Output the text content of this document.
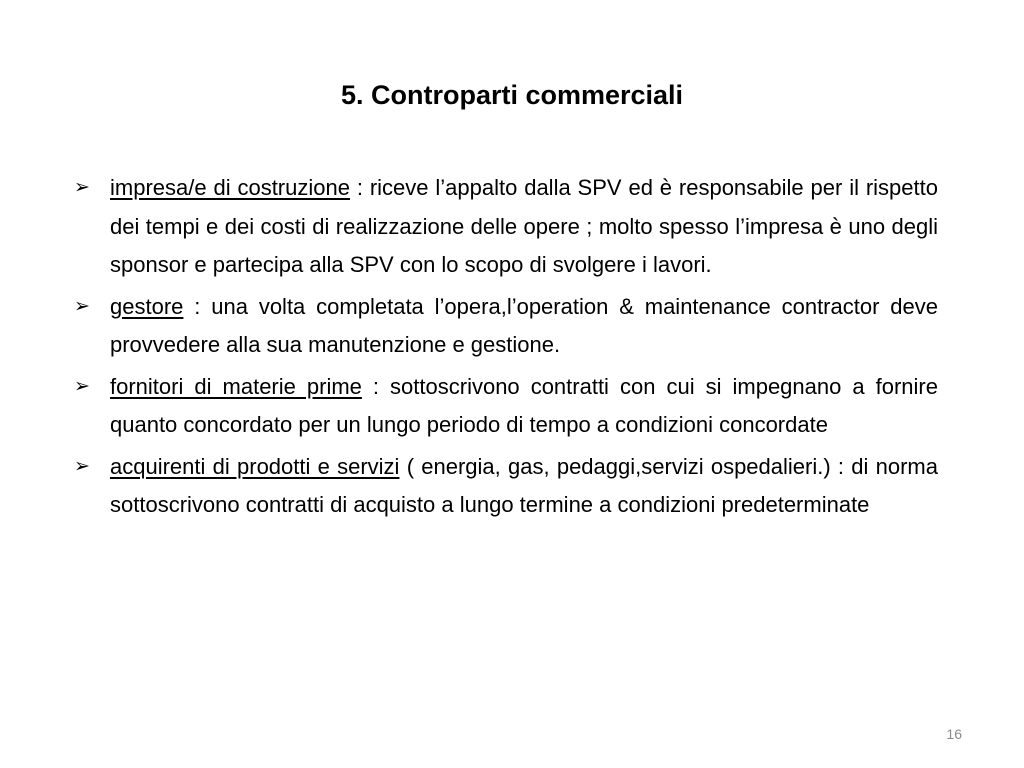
5. Controparti commerciali
➢ impresa/e di costruzione : riceve l’appalto dalla SPV ed è responsabile per il rispetto dei tempi e dei costi di realizzazione delle opere ; molto spesso l’impresa è uno degli sponsor e partecipa alla SPV con lo scopo di svolgere i lavori.
➢ gestore : una volta completata l’opera,l’operation & maintenance contractor deve provvedere alla sua manutenzione e gestione.
➢ fornitori di materie prime : sottoscrivono contratti con cui si impegnano a fornire quanto concordato per un lungo periodo di tempo a condizioni concordate
➢ acquirenti di prodotti e servizi ( energia, gas, pedaggi,servizi ospedalieri.) : di norma sottoscrivono contratti di acquisto a lungo termine a condizioni predeterminate
16
